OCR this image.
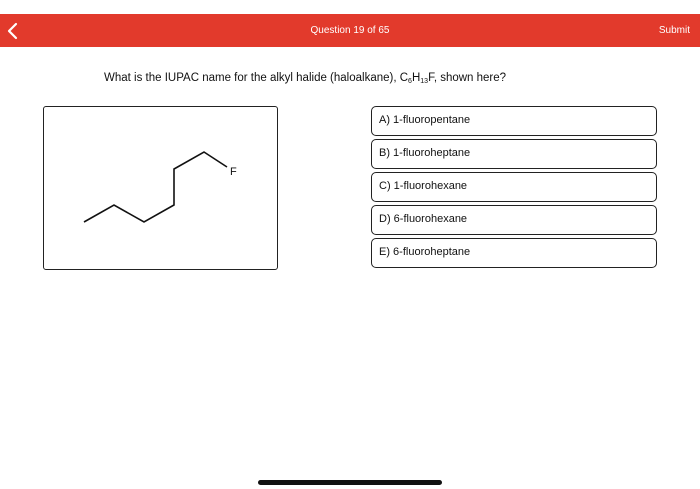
Question 19 of 65	Submit
What is the IUPAC name for the alkyl halide (haloalkane), $C_6H_{13}F$, shown here?
F
A) 1-fluoropentane
B) 1-fluoroheptane
C) 1-fluorohexane
D) 6-fluorohexane
E) 6-fluoroheptane
